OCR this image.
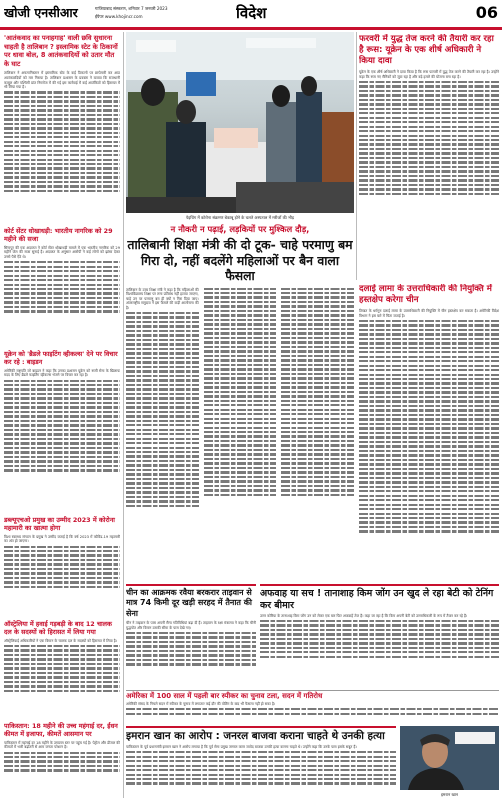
खोजी एनसीआर	गाजियाबाद संस्करण, शनिवार 7 जनवरी 2023
ईपेपर www.khojincr.com	विदेश	06
'आतंकवाद का पनाहगाह' वाली छवि सुधारना चाहती है तालिबान ? इस्लामिक स्टेट के ठिकानों पर धावा बोल, 8 आतंकवादियों को उतार मौत के घाट

तालिबान ने अफगानिस्तान में इस्लामिक स्टेट के कई ठिकानों पर छापेमारी कर आठ आतंकवादियों को मार गिराया है। तालिबान प्रशासन के प्रवक्ता ने बताया कि राजधानी काबुल और पश्चिमी प्रांत निमरोज में की गई इस कार्रवाई में कई आतंकियों को हिरासत में भी लिया गया है।

कोर्ट सेंटर धोखाधड़ी: भारतीय नागरिक को 29 महीने की सजा

सिंगापुर की एक अदालत ने कोर्ट सेंटर धोखाधड़ी मामले में एक भारतीय नागरिक को 29 महीने जेल की सजा सुनाई है। अदालत के अनुसार आरोपी ने कई लोगों को झांसा देकर उनसे पैसे ऐंठे थे।

यूक्रेन को 'ब्रैडले फाइटिंग व्हीकल्स' देने पर विचार कर रहे : बाइडन

अमेरिकी राष्ट्रपति जो बाइडन ने कहा कि उनका प्रशासन यूक्रेन को रूसी सेना के खिलाफ मदद के लिए ब्रैडले फाइटिंग व्हीकल्स भेजने पर विचार कर रहा है।

डब्ल्यूएचओ प्रमुख का उम्मीद 2023 में कोरोना महामारी का खात्मा होगा

विश्व स्वास्थ्य संगठन के प्रमुख ने उम्मीद जताई है कि वर्ष 2023 में कोविड-19 महामारी का अंत हो जाएगा।

ऑस्ट्रेलिया में हवाई गड़बड़ी के बाद 12 चालक दल के सदस्यों को हिरासत में लिया गया

ऑस्ट्रेलियाई अधिकारियों ने एक विमान के चालक दल के सदस्यों को हिरासत में लिया है।

पाकिस्तान: 18 महीने की उच्च महंगाई दर, ईंधन कीमत में इजाफा, कीमतें आसमान पर

पाकिस्तान में महंगाई दर 18 महीने के उच्चतम स्तर पर पहुंच गई है। पेट्रोल और डीजल की कीमतों में भारी बढ़ोतरी से आम जनता परेशान है।

पेइचिंग में कोरोना संक्रमण बेकाबू होने के चलते अस्पताल में मरीजों की भीड़
फरवरी में युद्ध तेज करने की तैयारी कर रहा है रूस: यूक्रेन के एक शीर्ष अधिकारी ने किया दावा

यूक्रेन के एक शीर्ष अधिकारी ने दावा किया है कि रूस फरवरी में युद्ध तेज करने की तैयारी कर रहा है। उन्होंने कहा कि रूस नए सैनिकों को जुटा रहा है और बड़े हमले की योजना बना रहा है।

न नौकरी न पढ़ाई, लड़कियों पर मुश्किल दौड़,
तालिबानी शिक्षा मंत्री की दो टूक- चाहे परमाणु बम गिरा दो, नहीं बदलेंगे महिलाओं पर बैन वाला फैसला

तालिबान के उच्च शिक्षा मंत्री ने कहा है कि महिलाओं की विश्वविद्यालय शिक्षा पर लगा प्रतिबंध नहीं हटाया जाएगा, चाहे उन पर परमाणु बम ही क्यों न गिरा दिया जाए। अंतरराष्ट्रीय समुदाय ने इस फैसले की कड़ी आलोचना की है।

दलाई लामा के उत्तराधिकारी की नियुक्ति में हस्तक्षेप करेगा चीन

तिब्बत के धर्मगुरु दलाई लामा के उत्तराधिकारी की नियुक्ति में चीन हस्तक्षेप कर सकता है। अमेरिकी विदेश विभाग ने इस बारे में चिंता जताई है।

चीन का आक्रमक रवैया बरकरार ताइवान से मात्र 74 किमी दूर खड़ी सरहद में तैनात की सेना

चीन ने ताइवान के पास अपनी सैन्य गतिविधियां बढ़ा दी हैं। ताइवान के रक्षा मंत्रालय ने कहा कि चीनी युद्धपोत और विमान उसकी सीमा के पास देखे गए।

अफवाह या सच ! तानाशाह किम जोंग उन खुद ले रहा बेटी को टेनिंग कर बीमार

उत्तर कोरिया के तानाशाह किम जोंग उन को लेकर एक बार फिर अफवाहें तेज हैं। कहा जा रहा है कि किम अपनी बेटी को उत्तराधिकारी के रूप में तैयार कर रहे हैं।

अमेरिका में 100 साल में पहली बार स्पीकर का चुनाव टला, सदन में गतिरोध

अमेरिकी संसद के निचले सदन में स्पीकर के चुनाव में लगातार कई दौर की वोटिंग के बाद भी फैसला नहीं हो सका है।

इमरान खान का आरोप : जनरल बाजवा कराना चाहते थे उनकी हत्या

पाकिस्तान के पूर्व प्रधानमंत्री इमरान खान ने आरोप लगाया है कि पूर्व सेना प्रमुख जनरल कमर जावेद बाजवा उनकी हत्या कराना चाहते थे। उन्होंने कहा कि उनके पास इसके सबूत हैं।

इमरान खान
